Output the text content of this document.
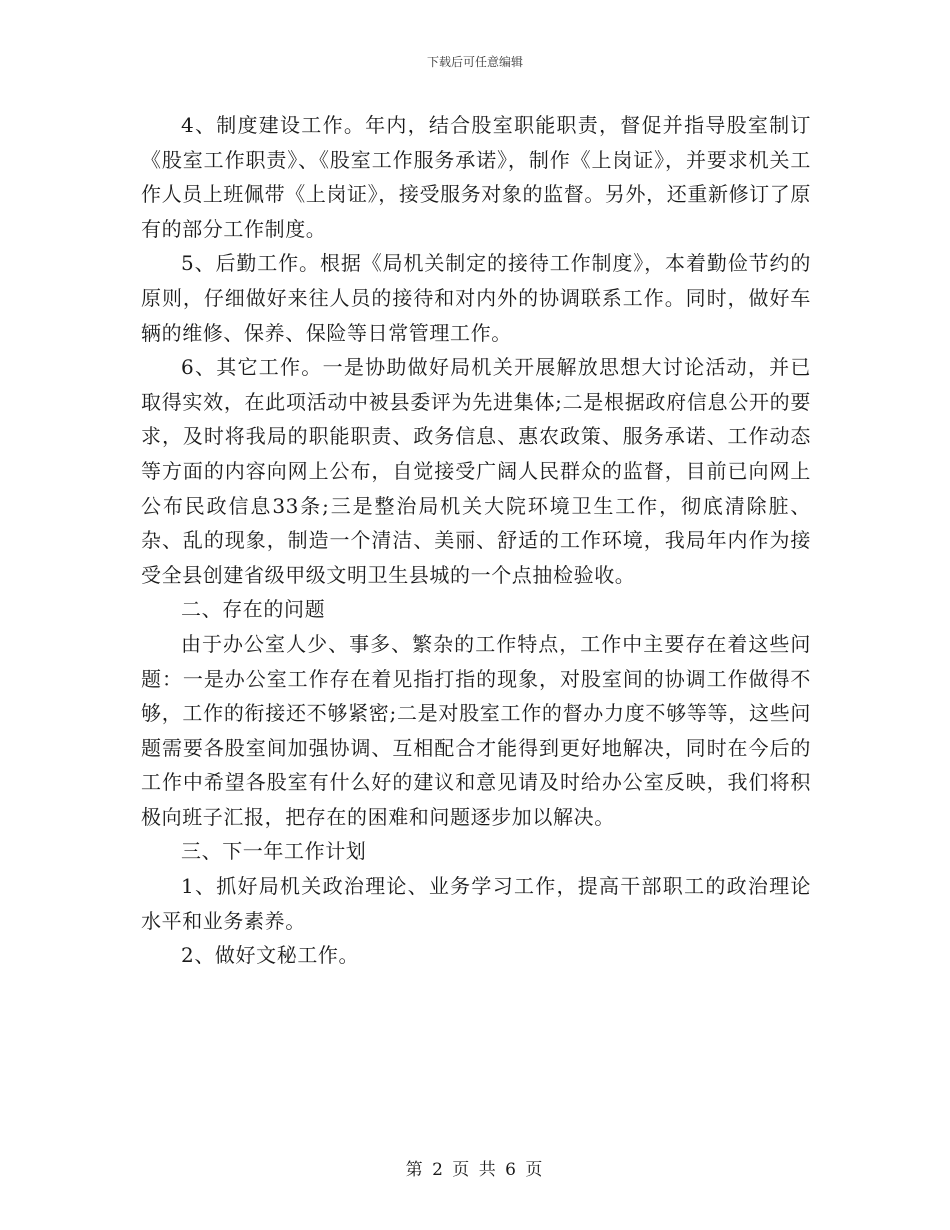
下载后可任意编辑

4、制度建设工作。年内，结合股室职能职责，督促并指导股室制订《股室工作职责》、《股室工作服务承诺》，制作《上岗证》，并要求机关工作人员上班佩带《上岗证》，接受服务对象的监督。另外，还重新修订了原有的部分工作制度。

5、后勤工作。根据《局机关制定的接待工作制度》，本着勤俭节约的原则，仔细做好来往人员的接待和对内外的协调联系工作。同时，做好车辆的维修、保养、保险等日常管理工作。

6、其它工作。一是协助做好局机关开展解放思想大讨论活动，并已取得实效，在此项活动中被县委评为先进集体;二是根据政府信息公开的要求，及时将我局的职能职责、政务信息、惠农政策、服务承诺、工作动态等方面的内容向网上公布，自觉接受广阔人民群众的监督，目前已向网上公布民政信息33条;三是整治局机关大院环境卫生工作，彻底清除脏、杂、乱的现象，制造一个清洁、美丽、舒适的工作环境，我局年内作为接受全县创建省级甲级文明卫生县城的一个点抽检验收。

二、存在的问题

由于办公室人少、事多、繁杂的工作特点，工作中主要存在着这些问题：一是办公室工作存在着见指打指的现象，对股室间的协调工作做得不够，工作的衔接还不够紧密;二是对股室工作的督办力度不够等等，这些问题需要各股室间加强协调、互相配合才能得到更好地解决，同时在今后的工作中希望各股室有什么好的建议和意见请及时给办公室反映，我们将积极向班子汇报，把存在的困难和问题逐步加以解决。

三、下一年工作计划

1、抓好局机关政治理论、业务学习工作，提高干部职工的政治理论水平和业务素养。

2、做好文秘工作。

第 2 页 共 6 页
